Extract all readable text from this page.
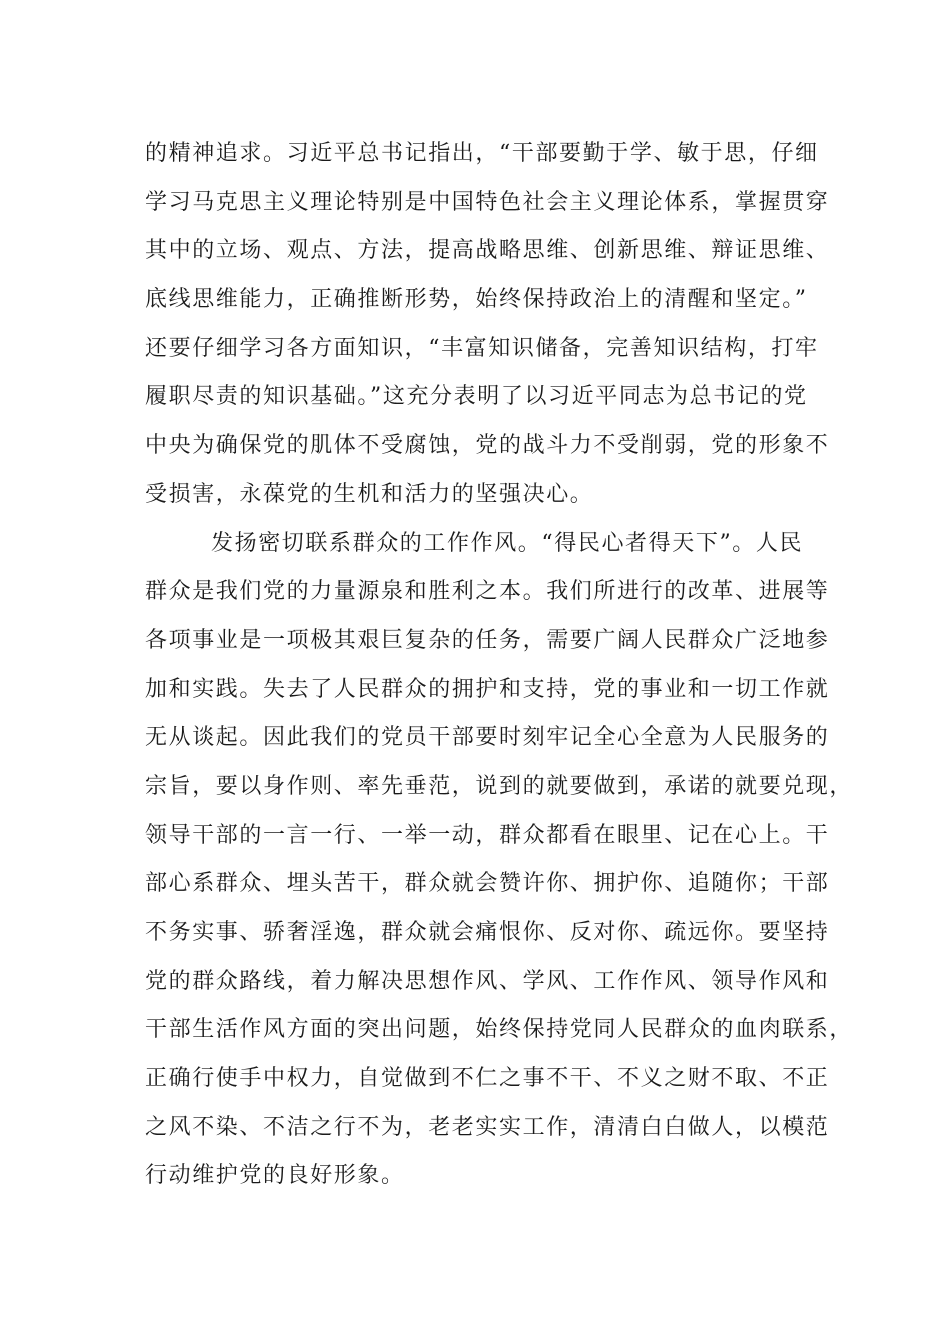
的精神追求。习近平总书记指出，“干部要勤于学、敏于思，仔细
学习马克思主义理论特别是中国特色社会主义理论体系，掌握贯穿
其中的立场、观点、方法，提高战略思维、创新思维、辩证思维、
底线思维能力，正确推断形势，始终保持政治上的清醒和坚定。”
还要仔细学习各方面知识，“丰富知识储备，完善知识结构，打牢
履职尽责的知识基础。”这充分表明了以习近平同志为总书记的党
中央为确保党的肌体不受腐蚀，党的战斗力不受削弱，党的形象不
受损害，永葆党的生机和活力的坚强决心。
发扬密切联系群众的工作作风。“得民心者得天下”。人民
群众是我们党的力量源泉和胜利之本。我们所进行的改革、进展等
各项事业是一项极其艰巨复杂的任务，需要广阔人民群众广泛地参
加和实践。失去了人民群众的拥护和支持，党的事业和一切工作就
无从谈起。因此我们的党员干部要时刻牢记全心全意为人民服务的
宗旨，要以身作则、率先垂范，说到的就要做到，承诺的就要兑现，
领导干部的一言一行、一举一动，群众都看在眼里、记在心上。干
部心系群众、埋头苦干，群众就会赞许你、拥护你、追随你；干部
不务实事、骄奢淫逸，群众就会痛恨你、反对你、疏远你。要坚持
党的群众路线，着力解决思想作风、学风、工作作风、领导作风和
干部生活作风方面的突出问题，始终保持党同人民群众的血肉联系，
正确行使手中权力，自觉做到不仁之事不干、不义之财不取、不正
之风不染、不洁之行不为，老老实实工作，清清白白做人，以模范
行动维护党的良好形象。
